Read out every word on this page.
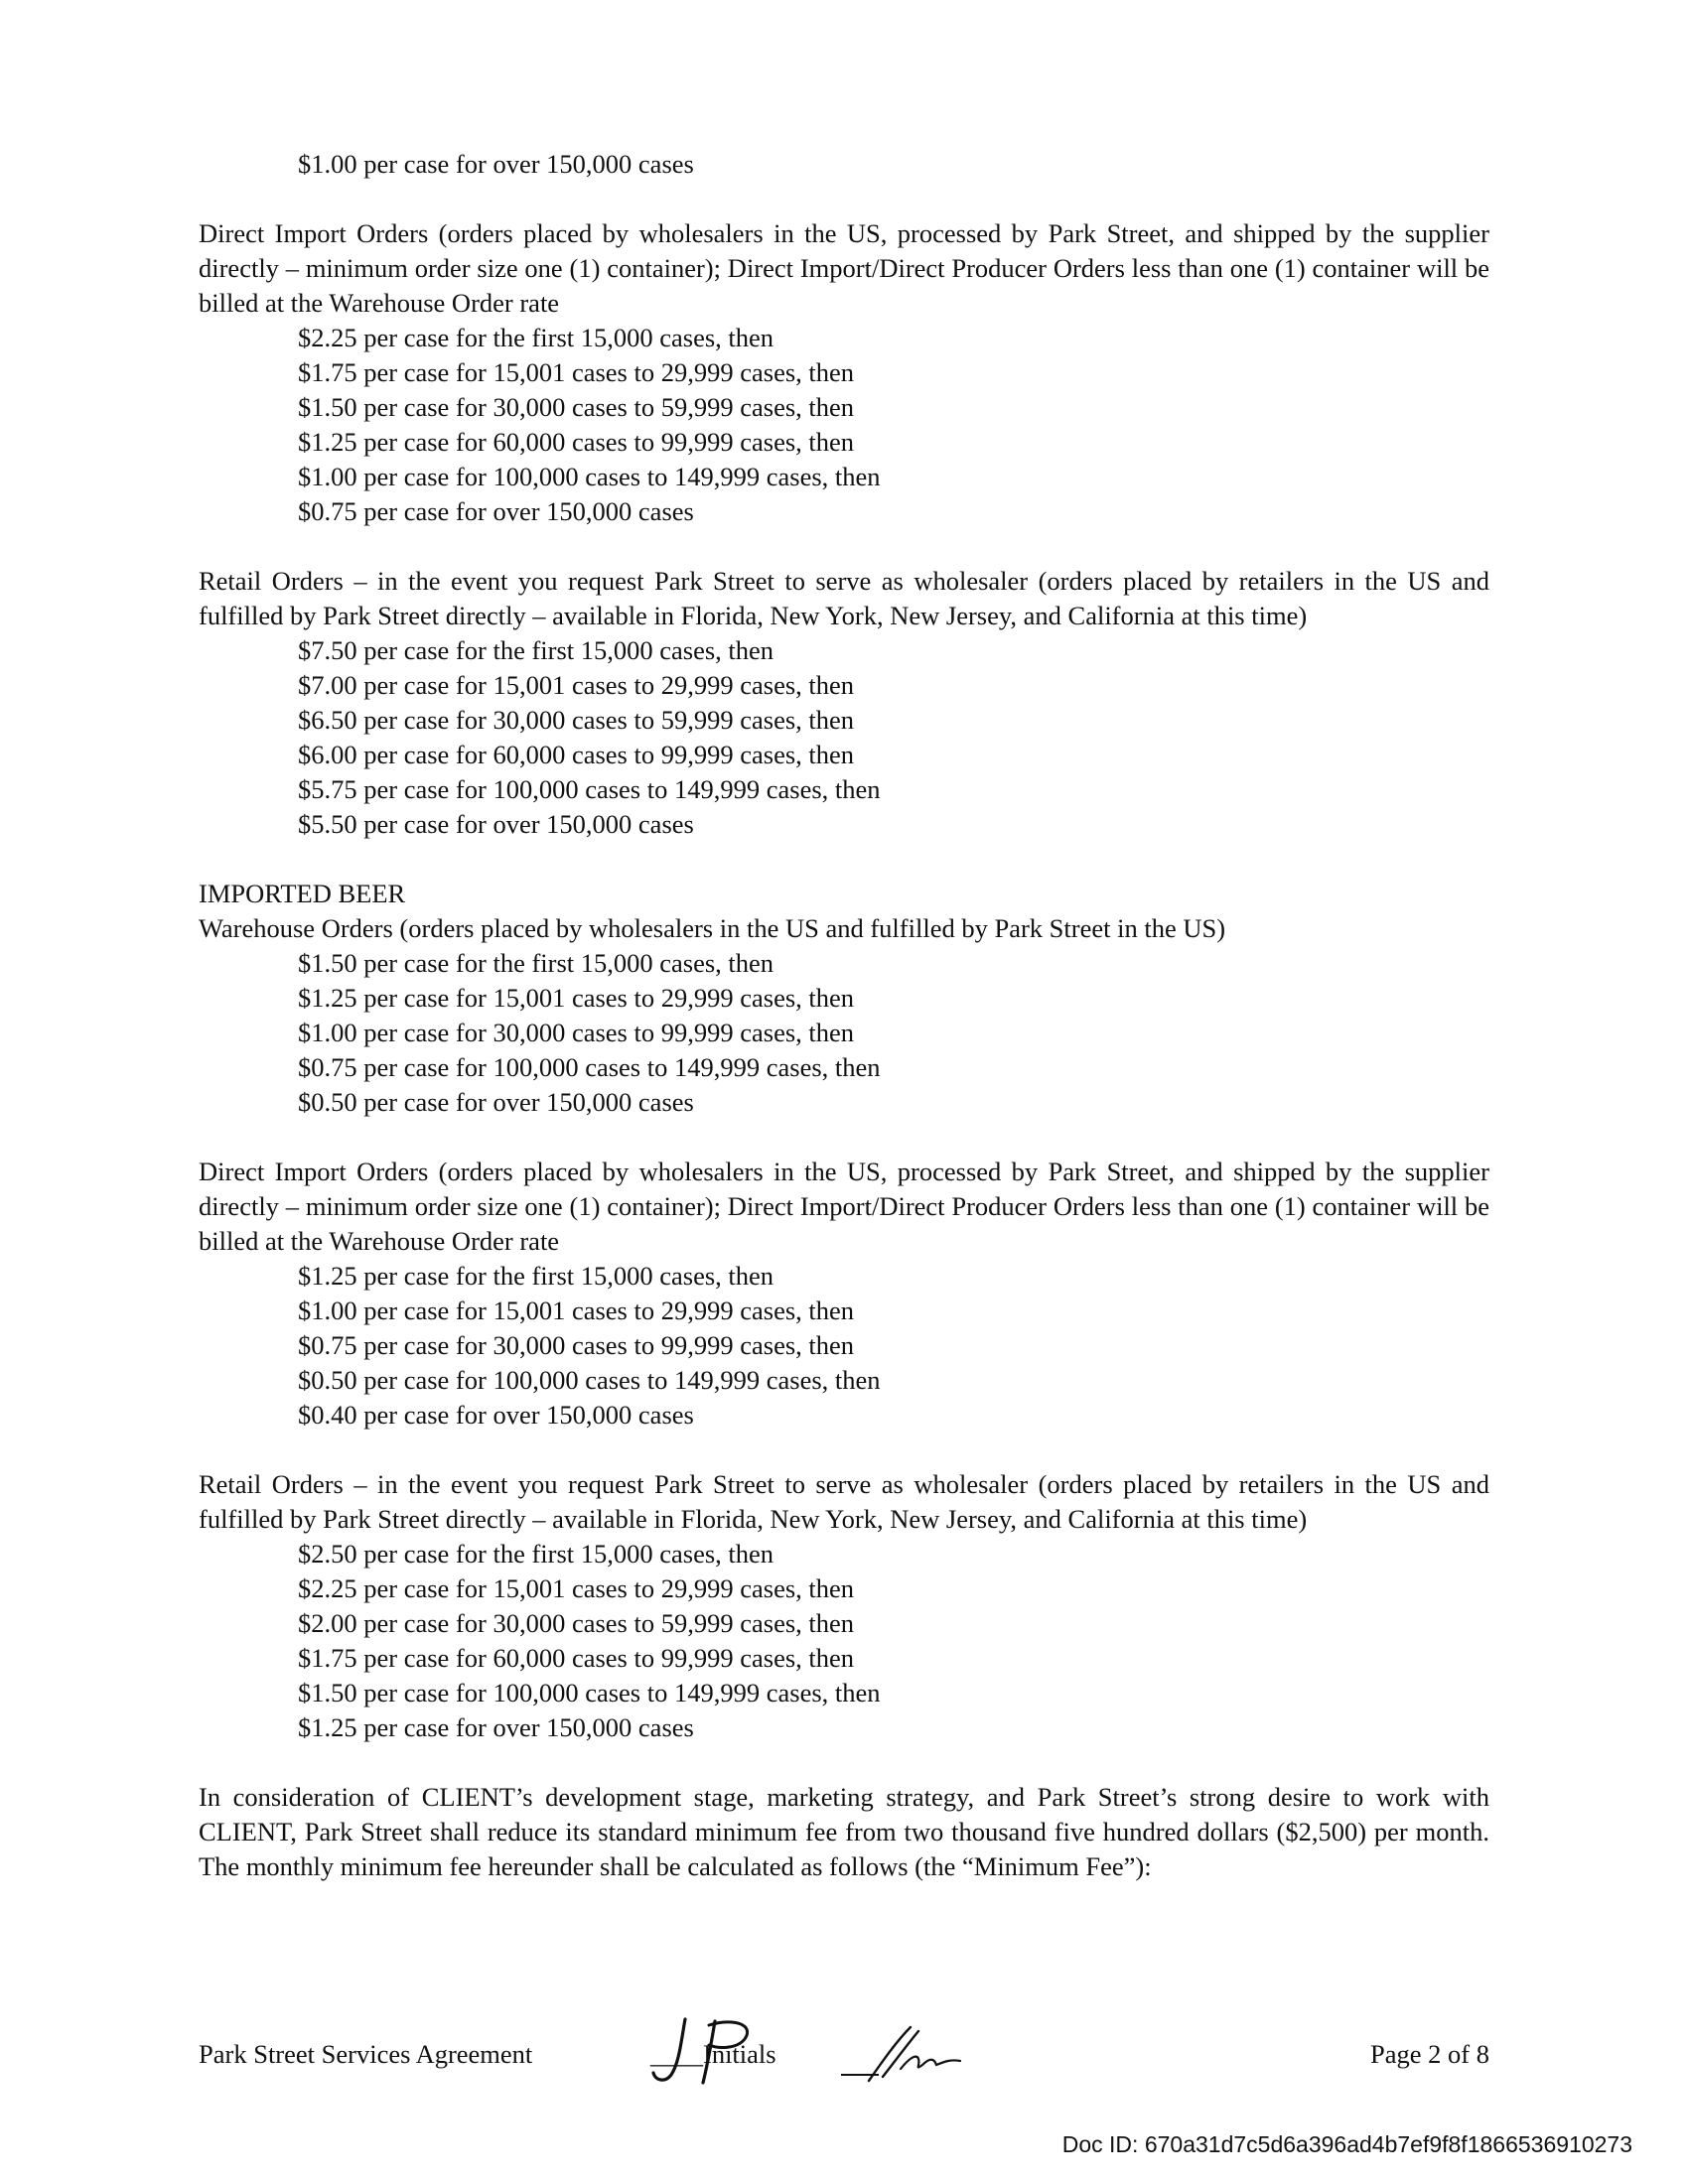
$1.00 per case for over 150,000 cases

Direct Import Orders (orders placed by wholesalers in the US, processed by Park Street, and shipped by the supplier directly – minimum order size one (1) container); Direct Import/Direct Producer Orders less than one (1) container will be billed at the Warehouse Order rate

$2.25 per case for the first 15,000 cases, then
$1.75 per case for 15,001 cases to 29,999 cases, then
$1.50 per case for 30,000 cases to 59,999 cases, then
$1.25 per case for 60,000 cases to 99,999 cases, then
$1.00 per case for 100,000 cases to 149,999 cases, then
$0.75 per case for over 150,000 cases

Retail Orders – in the event you request Park Street to serve as wholesaler (orders placed by retailers in the US and fulfilled by Park Street directly – available in Florida, New York, New Jersey, and California at this time)

$7.50 per case for the first 15,000 cases, then
$7.00 per case for 15,001 cases to 29,999 cases, then
$6.50 per case for 30,000 cases to 59,999 cases, then
$6.00 per case for 60,000 cases to 99,999 cases, then
$5.75 per case for 100,000 cases to 149,999 cases, then
$5.50 per case for over 150,000 cases

IMPORTED BEER

Warehouse Orders (orders placed by wholesalers in the US and fulfilled by Park Street in the US)

$1.50 per case for the first 15,000 cases, then
$1.25 per case for 15,001 cases to 29,999 cases, then
$1.00 per case for 30,000 cases to 99,999 cases, then
$0.75 per case for 100,000 cases to 149,999 cases, then
$0.50 per case for over 150,000 cases

Direct Import Orders (orders placed by wholesalers in the US, processed by Park Street, and shipped by the supplier directly – minimum order size one (1) container); Direct Import/Direct Producer Orders less than one (1) container will be billed at the Warehouse Order rate

$1.25 per case for the first 15,000 cases, then
$1.00 per case for 15,001 cases to 29,999 cases, then
$0.75 per case for 30,000 cases to 99,999 cases, then
$0.50 per case for 100,000 cases to 149,999 cases, then
$0.40 per case for over 150,000 cases

Retail Orders – in the event you request Park Street to serve as wholesaler (orders placed by retailers in the US and fulfilled by Park Street directly – available in Florida, New York, New Jersey, and California at this time)

$2.50 per case for the first 15,000 cases, then
$2.25 per case for 15,001 cases to 29,999 cases, then
$2.00 per case for 30,000 cases to 59,999 cases, then
$1.75 per case for 60,000 cases to 99,999 cases, then
$1.50 per case for 100,000 cases to 149,999 cases, then
$1.25 per case for over 150,000 cases

In consideration of CLIENT’s development stage, marketing strategy, and Park Street’s strong desire to work with CLIENT, Park Street shall reduce its standard minimum fee from two thousand five hundred dollars ($2,500) per month. The monthly minimum fee hereunder shall be calculated as follows (the “Minimum Fee”):

Park Street Services Agreement	____Initials	Page 2 of 8
Doc ID: 670a31d7c5d6a396ad4b7ef9f8f1866536910273
